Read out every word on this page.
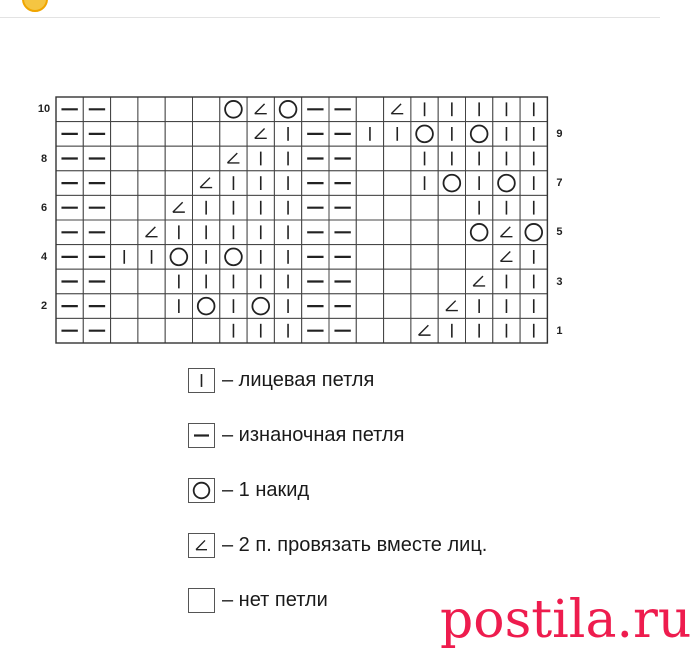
10
8
6
4
2
9
7
5
3
1
– лицевая петля
– изнаночная петля
– 1 накид
– 2 п. провязать вместе лиц.
– нет петли postila.ru
